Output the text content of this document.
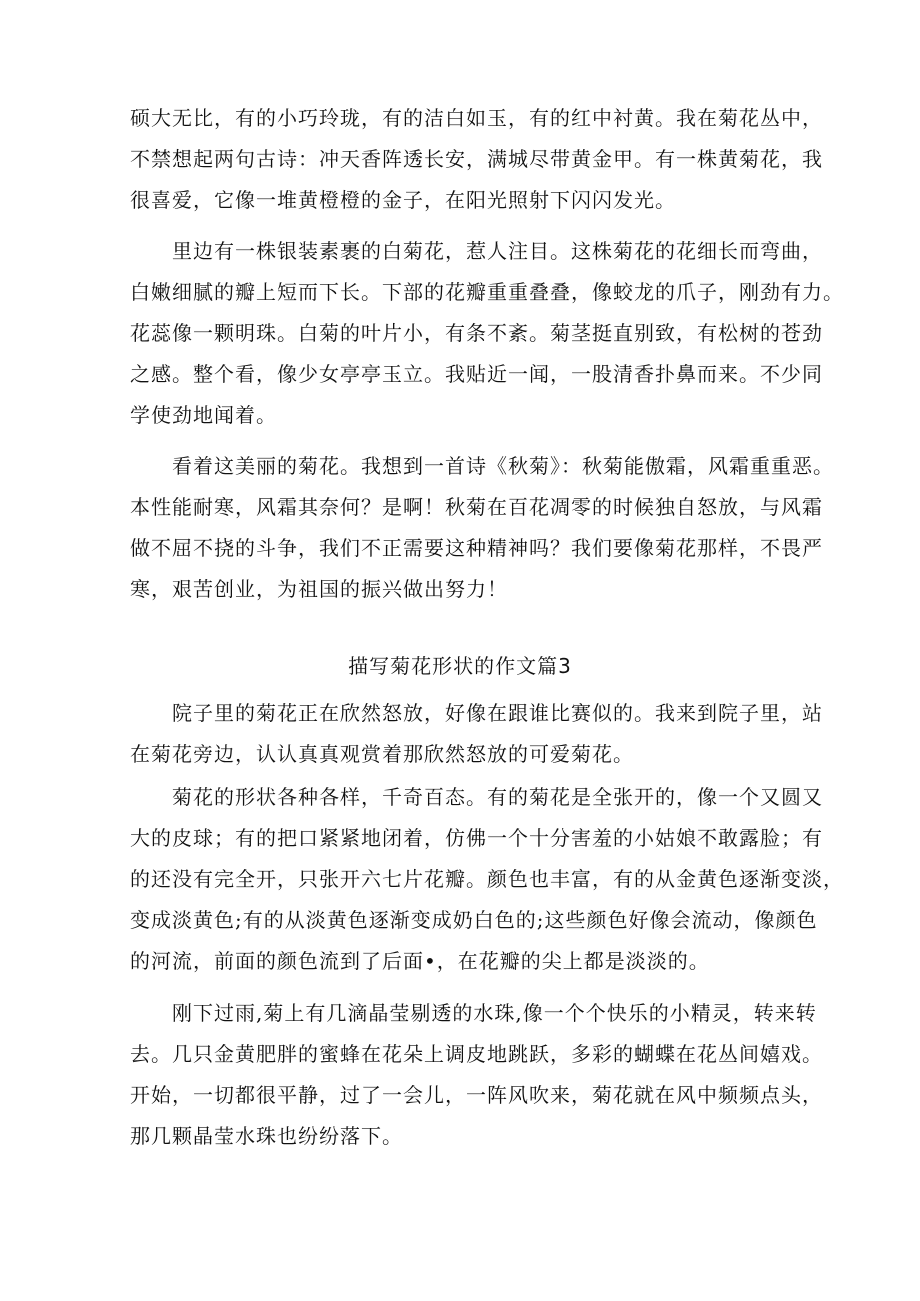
硕大无比，有的小巧玲珑，有的洁白如玉，有的红中衬黄。我在菊花丛中，
不禁想起两句古诗：冲天香阵透长安，满城尽带黄金甲。有一株黄菊花，我
很喜爱，它像一堆黄橙橙的金子，在阳光照射下闪闪发光。

　　里边有一株银装素裹的白菊花，惹人注目。这株菊花的花细长而弯曲，
白嫩细腻的瓣上短而下长。下部的花瓣重重叠叠，像蛟龙的爪子，刚劲有力。
花蕊像一颗明珠。白菊的叶片小，有条不紊。菊茎挺直别致，有松树的苍劲
之感。整个看，像少女亭亭玉立。我贴近一闻，一股清香扑鼻而来。不少同
学使劲地闻着。

　　看着这美丽的菊花。我想到一首诗《秋菊》：秋菊能傲霜，风霜重重恶。
本性能耐寒，风霜其奈何？是啊！秋菊在百花凋零的时候独自怒放，与风霜
做不屈不挠的斗争，我们不正需要这种精神吗？我们要像菊花那样，不畏严
寒，艰苦创业，为祖国的振兴做出努力！

描写菊花形状的作文篇3

　　院子里的菊花正在欣然怒放，好像在跟谁比赛似的。我来到院子里，站
在菊花旁边，认认真真观赏着那欣然怒放的可爱菊花。

　　菊花的形状各种各样，千奇百态。有的菊花是全张开的，像一个又圆又
大的皮球；有的把口紧紧地闭着，仿佛一个十分害羞的小姑娘不敢露脸；有
的还没有完全开，只张开六七片花瓣。颜色也丰富，有的从金黄色逐渐变淡，
变成淡黄色;有的从淡黄色逐渐变成奶白色的;这些颜色好像会流动，像颜色
的河流，前面的颜色流到了后面•，在花瓣的尖上都是淡淡的。

　　刚下过雨,菊上有几滴晶莹剔透的水珠,像一个个快乐的小精灵，转来转
去。几只金黄肥胖的蜜蜂在花朵上调皮地跳跃，多彩的蝴蝶在花丛间嬉戏。
开始，一切都很平静，过了一会儿，一阵风吹来，菊花就在风中频频点头，
那几颗晶莹水珠也纷纷落下。
